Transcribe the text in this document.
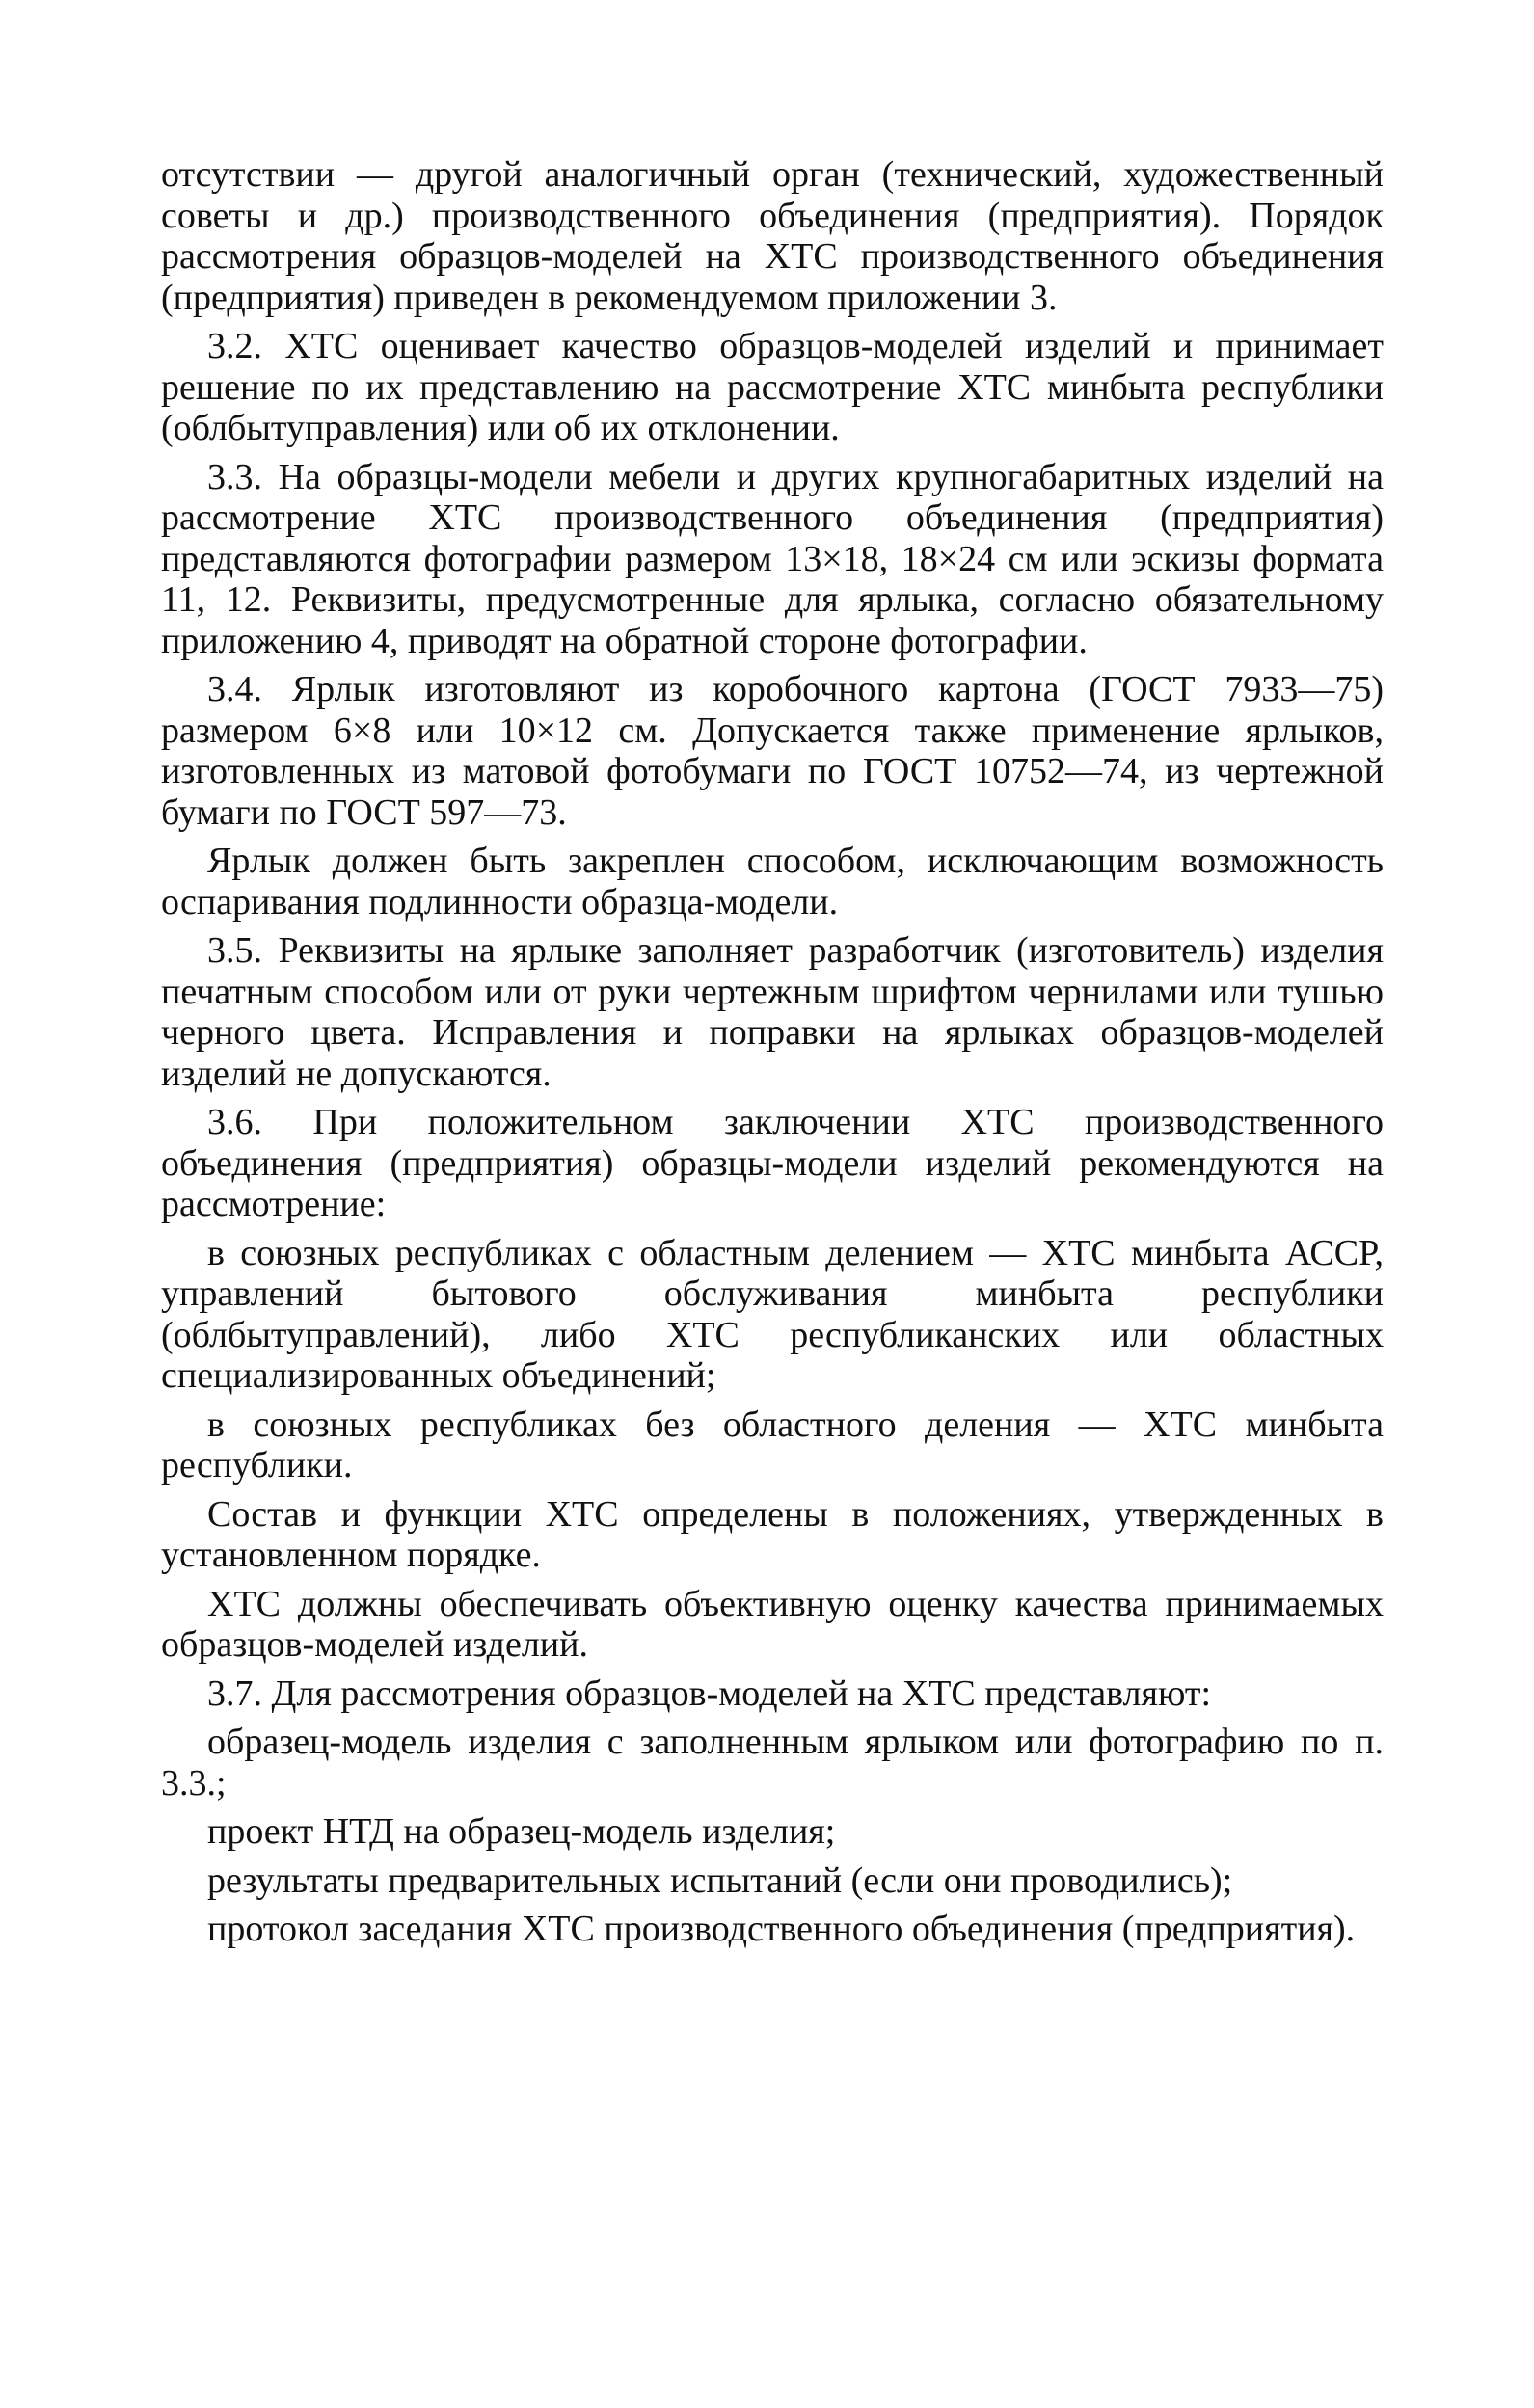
отсутствии — другой аналогичный орган (технический, художественный советы и др.) производственного объединения (предприятия). Порядок рассмотрения образцов-моделей на ХТС производственного объединения (предприятия) приведен в рекомендуемом приложении 3.

3.2. ХТС оценивает качество образцов-моделей изделий и принимает решение по их представлению на рассмотрение ХТС минбыта республики (облбытуправления) или об их отклонении.

3.3. На образцы-модели мебели и других крупногабаритных изделий на рассмотрение ХТС производственного объединения (предприятия) представляются фотографии размером 13×18, 18×24 см или эскизы формата 11, 12. Реквизиты, предусмотренные для ярлыка, согласно обязательному приложению 4, приводят на обратной стороне фотографии.

3.4. Ярлык изготовляют из коробочного картона (ГОСТ 7933—75) размером 6×8 или 10×12 см. Допускается также применение ярлыков, изготовленных из матовой фотобумаги по ГОСТ 10752—74, из чертежной бумаги по ГОСТ 597—73.

Ярлык должен быть закреплен способом, исключающим возможность оспаривания подлинности образца-модели.

3.5. Реквизиты на ярлыке заполняет разработчик (изготовитель) изделия печатным способом или от руки чертежным шрифтом чернилами или тушью черного цвета. Исправления и поправки на ярлыках образцов-моделей изделий не допускаются.

3.6. При положительном заключении ХТС производственного объединения (предприятия) образцы-модели изделий рекомендуются на рассмотрение:

в союзных республиках с областным делением — ХТС минбыта АССР, управлений бытового обслуживания минбыта республики (облбытуправлений), либо ХТС республиканских или областных специализированных объединений;

в союзных республиках без областного деления — ХТС минбыта республики.

Состав и функции ХТС определены в положениях, утвержденных в установленном порядке.

ХТС должны обеспечивать объективную оценку качества принимаемых образцов-моделей изделий.

3.7. Для рассмотрения образцов-моделей на ХТС представляют:

образец-модель изделия с заполненным ярлыком или фотографию по п. 3.3.;

проект НТД на образец-модель изделия;

результаты предварительных испытаний (если они проводились);

протокол заседания ХТС производственного объединения (предприятия).
